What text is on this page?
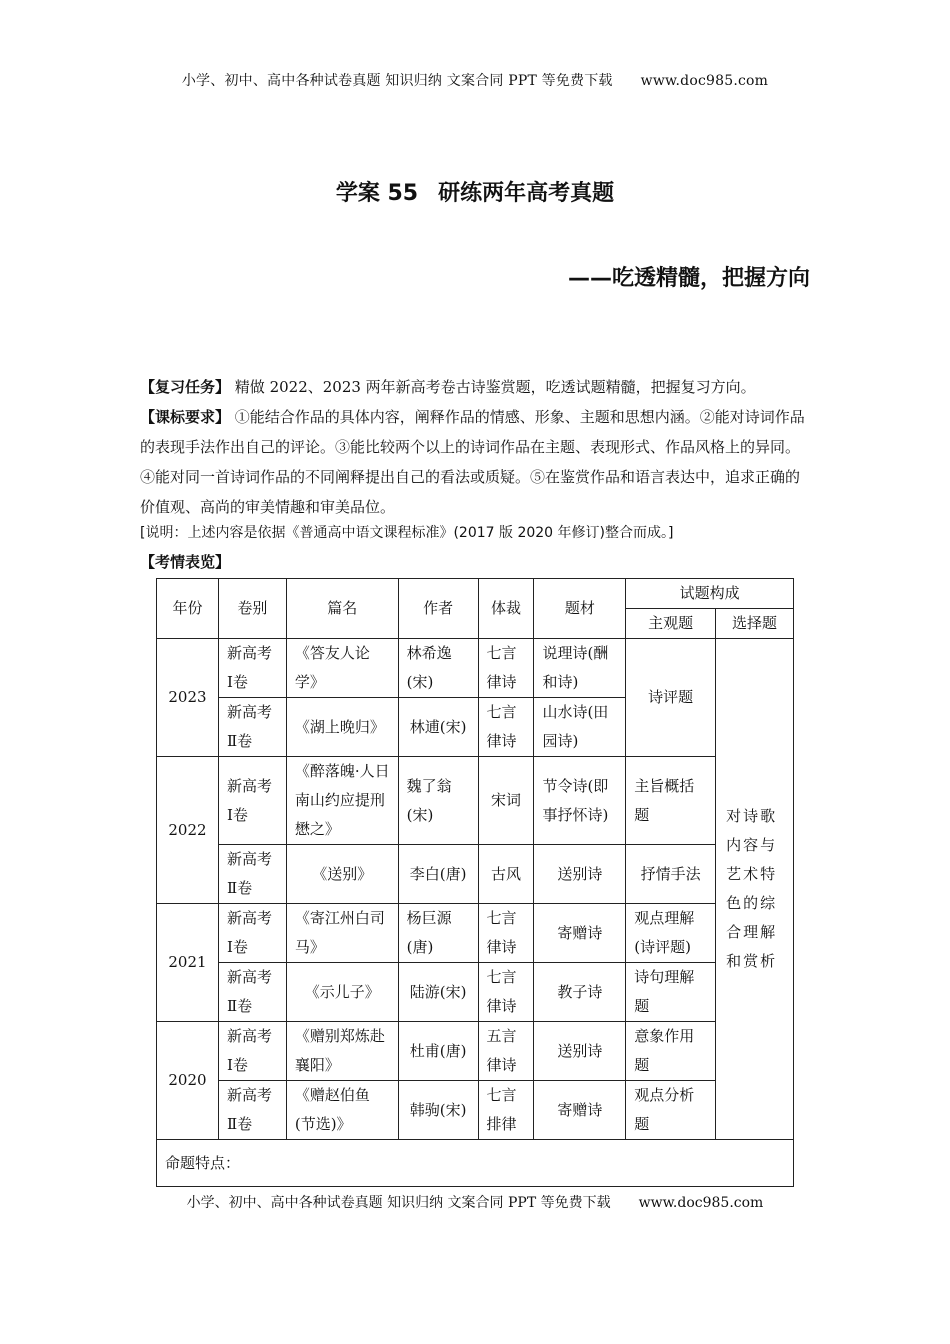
小学、初中、高中各种试卷真题 知识归纳 文案合同 PPT 等免费下载 www.doc985.com
学案 55 研练两年高考真题
——吃透精髓，把握方向
【复习任务】 精做 2022、2023 两年新高考卷古诗鉴赏题，吃透试题精髓，把握复习方向。
【课标要求】 ①能结合作品的具体内容，阐释作品的情感、形象、主题和思想内涵。②能对诗词作品的表现手法作出自己的评论。③能比较两个以上的诗词作品在主题、表现形式、作品风格上的异同。④能对同一首诗词作品的不同阐释提出自己的看法或质疑。⑤在鉴赏作品和语言表达中，追求正确的价值观、高尚的审美情趣和审美品位。
[说明：上述内容是依据《普通高中语文课程标准》(2017 版 2020 年修订)整合而成。]
【考情表览】
年份	卷别	篇名	作者	体裁	题材	试题构成	
						主观题	选择题
2023	新高考Ⅰ卷	《答友人论学》	林希逸(宋)	七言律诗	说理诗(酬和诗)	诗评题	对诗歌内容与艺术特色的综合理解和赏析
	新高考Ⅱ卷	《湖上晚归》	林逋(宋)	七言律诗	山水诗(田园诗)		
2022	新高考Ⅰ卷	《醉落魄·人日南山约应提刑懋之》	魏了翁(宋)	宋词	节令诗(即事抒怀诗)	主旨概括题	
	新高考Ⅱ卷	《送别》	李白(唐)	古风	送别诗	抒情手法	
2021	新高考Ⅰ卷	《寄江州白司马》	杨巨源(唐)	七言律诗	寄赠诗	观点理解(诗评题)	
	新高考Ⅱ卷	《示儿子》	陆游(宋)	七言律诗	教子诗	诗句理解题	
2020	新高考Ⅰ卷	《赠别郑炼赴襄阳》	杜甫(唐)	五言律诗	送别诗	意象作用题	
	新高考Ⅱ卷	《赠赵伯鱼(节选)》	韩驹(宋)	七言排律	寄赠诗	观点分析题	
命题特点：							
小学、初中、高中各种试卷真题 知识归纳 文案合同 PPT 等免费下载 www.doc985.com
